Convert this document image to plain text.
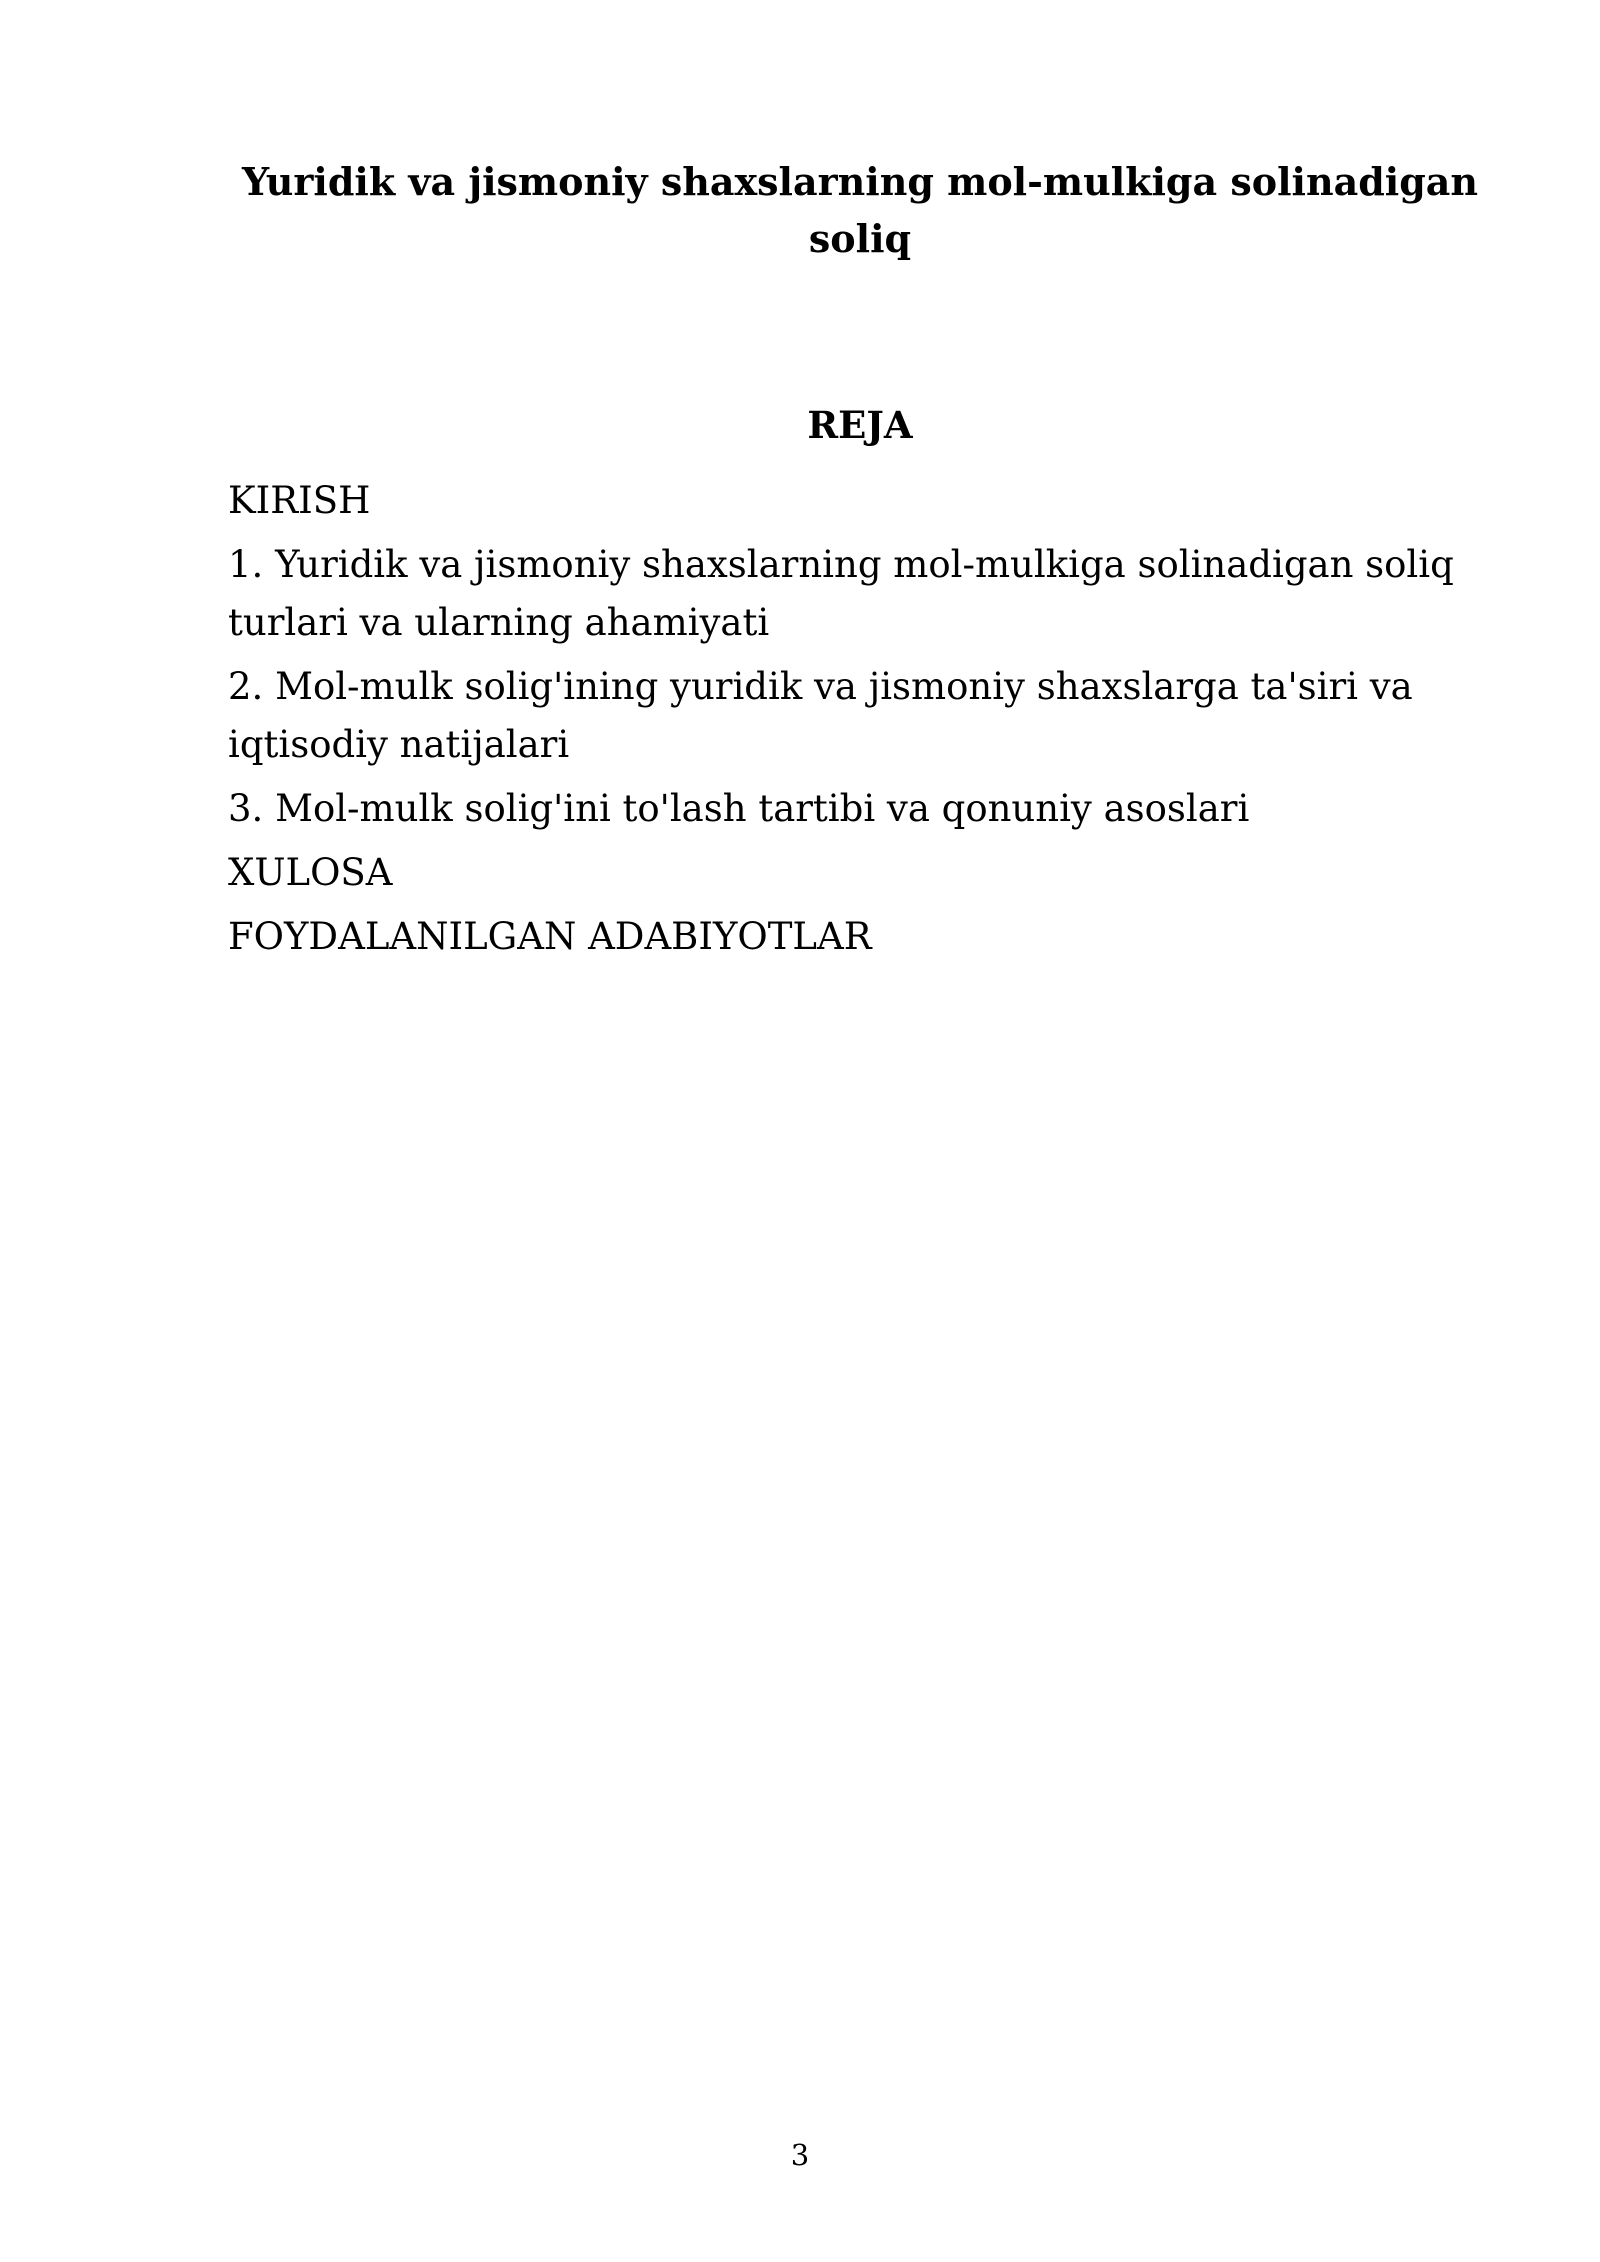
Yuridik va jismoniy shaxslarning mol-mulkiga solinadigan soliq
REJA
KIRISH
1. Yuridik va jismoniy shaxslarning mol-mulkiga solinadigan soliq turlari va ularning ahamiyati
2. Mol-mulk solig'ining yuridik va jismoniy shaxslarga ta'siri va iqtisodiy natijalari
3. Mol-mulk solig'ini to'lash tartibi va qonuniy asoslari
XULOSA
FOYDALANILGAN ADABIYOTLAR
3
